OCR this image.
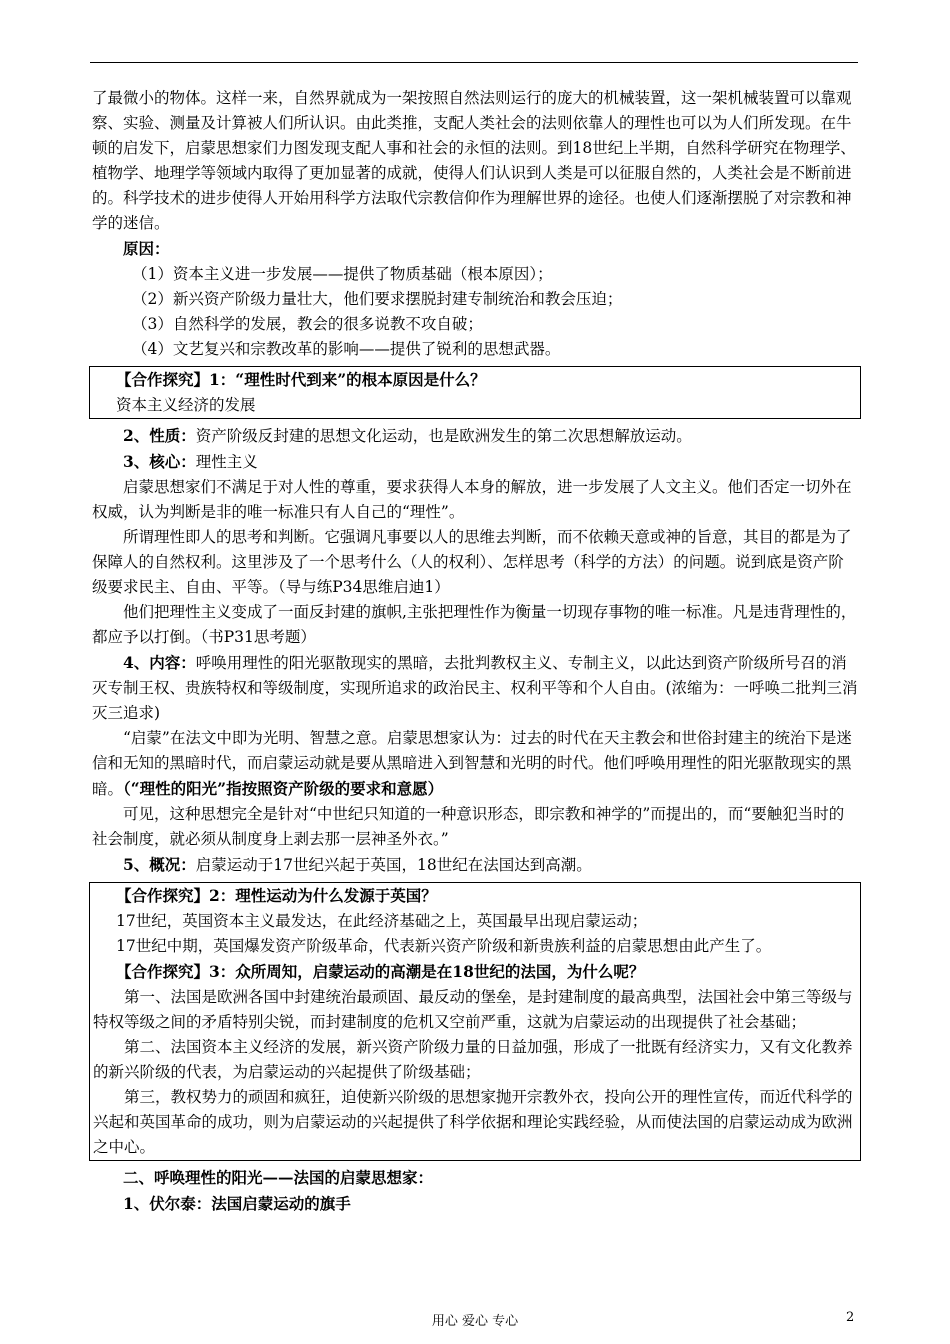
了最微小的物体。这样一来，自然界就成为一架按照自然法则运行的庞大的机械装置，这一架机械装置可以靠观察、实验、测量及计算被人们所认识。由此类推，支配人类社会的法则依靠人的理性也可以为人们所发现。在牛顿的启发下，启蒙思想家们力图发现支配人事和社会的永恒的法则。到18世纪上半期，自然科学研究在物理学、植物学、地理学等领域内取得了更加显著的成就，使得人们认识到人类是可以征服自然的，人类社会是不断前进的。科学技术的进步使得人开始用科学方法取代宗教信仰作为理解世界的途径。也使人们逐渐摆脱了对宗教和神学的迷信。

原因：

（1）资本主义进一步发展——提供了物质基础（根本原因）；

（2）新兴资产阶级力量壮大，他们要求摆脱封建专制统治和教会压迫；

（3）自然科学的发展，教会的很多说教不攻自破；

（4）文艺复兴和宗教改革的影响——提供了锐利的思想武器。

【合作探究】1：“理性时代到来”的根本原因是什么？

资本主义经济的发展

2、性质：资产阶级反封建的思想文化运动，也是欧洲发生的第二次思想解放运动。

3、核心：理性主义

启蒙思想家们不满足于对人性的尊重，要求获得人本身的解放，进一步发展了人文主义。他们否定一切外在权威，认为判断是非的唯一标准只有人自己的“理性”。

所谓理性即人的思考和判断。它强调凡事要以人的思维去判断，而不依赖天意或神的旨意，其目的都是为了保障人的自然权利。这里涉及了一个思考什么（人的权利）、怎样思考（科学的方法）的问题。说到底是资产阶级要求民主、自由、平等。（导与练P34思维启迪1）

他们把理性主义变成了一面反封建的旗帜,主张把理性作为衡量一切现存事物的唯一标准。凡是违背理性的，都应予以打倒。（书P31思考题）

4、内容：呼唤用理性的阳光驱散现实的黑暗，去批判教权主义、专制主义，以此达到资产阶级所号召的消灭专制王权、贵族特权和等级制度，实现所追求的政治民主、权利平等和个人自由。(浓缩为：一呼唤二批判三消灭三追求)

“启蒙”在法文中即为光明、智慧之意。启蒙思想家认为：过去的时代在天主教会和世俗封建主的统治下是迷信和无知的黑暗时代，而启蒙运动就是要从黑暗进入到智慧和光明的时代。他们呼唤用理性的阳光驱散现实的黑暗。（“理性的阳光”指按照资产阶级的要求和意愿）

可见，这种思想完全是针对“中世纪只知道的一种意识形态，即宗教和神学的”而提出的，而“要触犯当时的社会制度，就必须从制度身上剥去那一层神圣外衣。”

5、概况：启蒙运动于17世纪兴起于英国，18世纪在法国达到高潮。

【合作探究】2：理性运动为什么发源于英国？

17世纪，英国资本主义最发达，在此经济基础之上，英国最早出现启蒙运动；

17世纪中期，英国爆发资产阶级革命，代表新兴资产阶级和新贵族利益的启蒙思想由此产生了。

【合作探究】3：众所周知，启蒙运动的高潮是在18世纪的法国，为什么呢？

第一、法国是欧洲各国中封建统治最顽固、最反动的堡垒，是封建制度的最高典型，法国社会中第三等级与特权等级之间的矛盾特别尖锐，而封建制度的危机又空前严重，这就为启蒙运动的出现提供了社会基础；

第二、法国资本主义经济的发展，新兴资产阶级力量的日益加强，形成了一批既有经济实力，又有文化教养的新兴阶级的代表，为启蒙运动的兴起提供了阶级基础；

第三，教权势力的顽固和疯狂，迫使新兴阶级的思想家抛开宗教外衣，投向公开的理性宣传，而近代科学的兴起和英国革命的成功，则为启蒙运动的兴起提供了科学依据和理论实践经验，从而使法国的启蒙运动成为欧洲之中心。

二、呼唤理性的阳光——法国的启蒙思想家：

1、伏尔泰：法国启蒙运动的旗手

用心 爱心 专心	2
